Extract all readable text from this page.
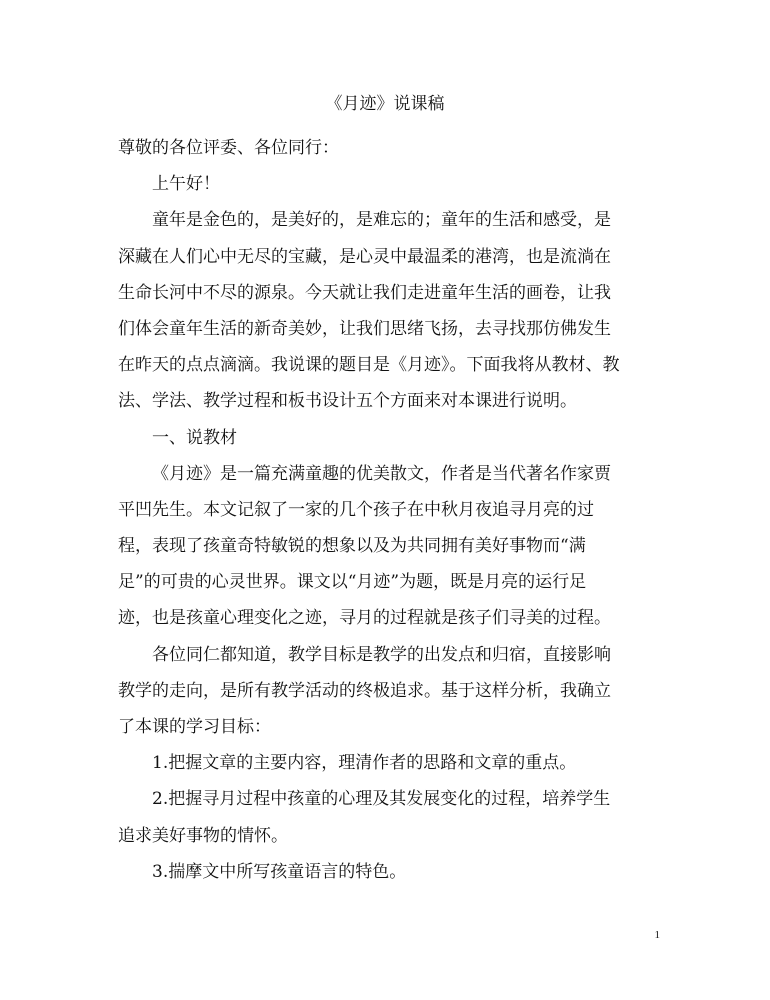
《月迹》说课稿
尊敬的各位评委、各位同行：
上午好！
童年是金色的，是美好的，是难忘的；童年的生活和感受，是
深藏在人们心中无尽的宝藏，是心灵中最温柔的港湾，也是流淌在
生命长河中不尽的源泉。今天就让我们走进童年生活的画卷，让我
们体会童年生活的新奇美妙，让我们思绪飞扬，去寻找那仿佛发生
在昨天的点点滴滴。我说课的题目是《月迹》。下面我将从教材、教
法、学法、教学过程和板书设计五个方面来对本课进行说明。
一、说教材
《月迹》是一篇充满童趣的优美散文，作者是当代著名作家贾
平凹先生。本文记叙了一家的几个孩子在中秋月夜追寻月亮的过
程，表现了孩童奇特敏锐的想象以及为共同拥有美好事物而“满
足”的可贵的心灵世界。课文以“月迹”为题，既是月亮的运行足
迹，也是孩童心理变化之迹，寻月的过程就是孩子们寻美的过程。
各位同仁都知道，教学目标是教学的出发点和归宿，直接影响
教学的走向，是所有教学活动的终极追求。基于这样分析，我确立
了本课的学习目标：
1.把握文章的主要内容，理清作者的思路和文章的重点。
2.把握寻月过程中孩童的心理及其发展变化的过程，培养学生
追求美好事物的情怀。
3.揣摩文中所写孩童语言的特色。
1
